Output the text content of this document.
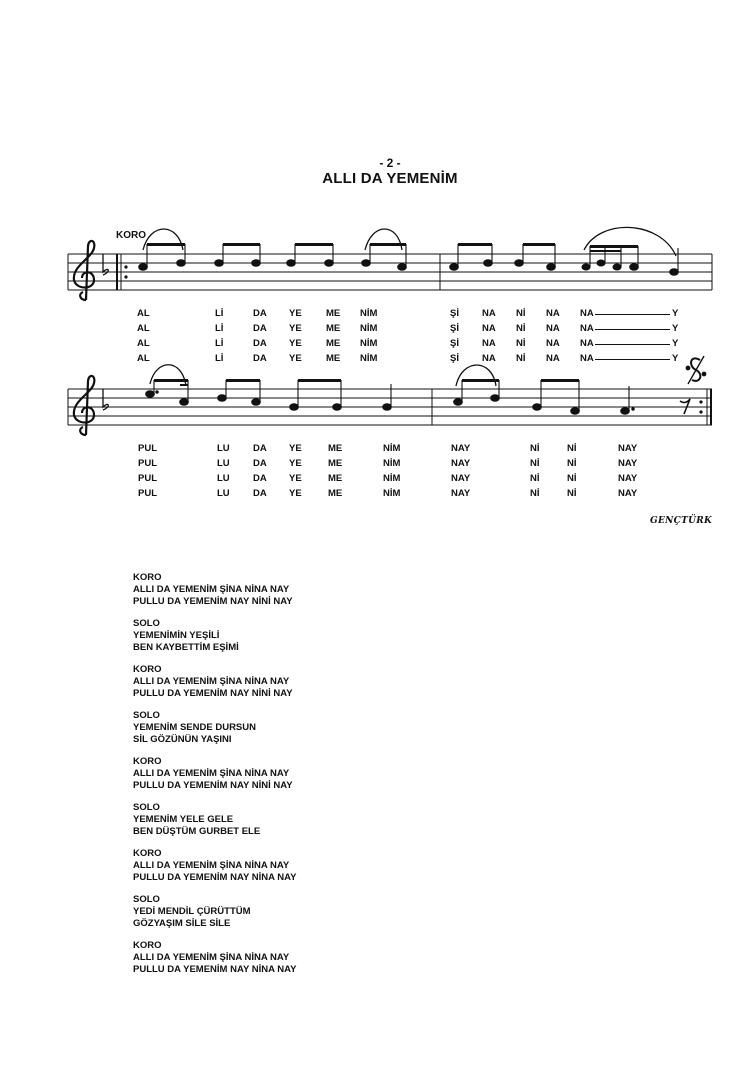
- 2 -
ALLI DA YEMENİM
KORO
AL	Lİ	DA YE	ME NİM	Şİ NA Nİ NA NA	Y
AL	Lİ	DA YE	ME NİM	Şİ NA Nİ NA NA	Y
AL	Lİ	DA YE	ME NİM	Şİ NA Nİ NA NA	Y
AL	Lİ	DA YE	ME NİM	Şİ NA Nİ NA NA	Y
PUL	LU DA YE	ME	NİM	NAY	Nİ	Nİ	NAY
PUL	LU DA YE	ME	NİM	NAY	Nİ	Nİ	NAY
PUL	LU DA YE	ME	NİM	NAY	Nİ	Nİ	NAY
PUL	LU DA YE	ME	NİM	NAY	Nİ	Nİ	NAY
GENÇTÜRK
KORO
ALLI DA YEMENİM ŞİNA NİNA NAY
PULLU DA YEMENİM NAY NİNİ NAY
SOLO
YEMENİMİN YEŞİLİ
BEN KAYBETTİM EŞİMİ
KORO
ALLI DA YEMENİM ŞİNA NİNA NAY
PULLU DA YEMENİM NAY NİNİ NAY
SOLO
YEMENİM SENDE DURSUN
SİL GÖZÜNÜN YAŞINI
KORO
ALLI DA YEMENİM ŞİNA NİNA NAY
PULLU DA YEMENİM NAY NİNİ NAY
SOLO
YEMENİM YELE GELE
BEN DÜŞTÜM GURBET ELE
KORO
ALLI DA YEMENİM ŞİNA NİNA NAY
PULLU DA YEMENİM NAY NİNA NAY
SOLO
YEDİ MENDİL ÇÜRÜTTÜM
GÖZYAŞIM SİLE SİLE
KORO
ALLI DA YEMENİM ŞİNA NİNA NAY
PULLU DA YEMENİM NAY NİNA NAY
